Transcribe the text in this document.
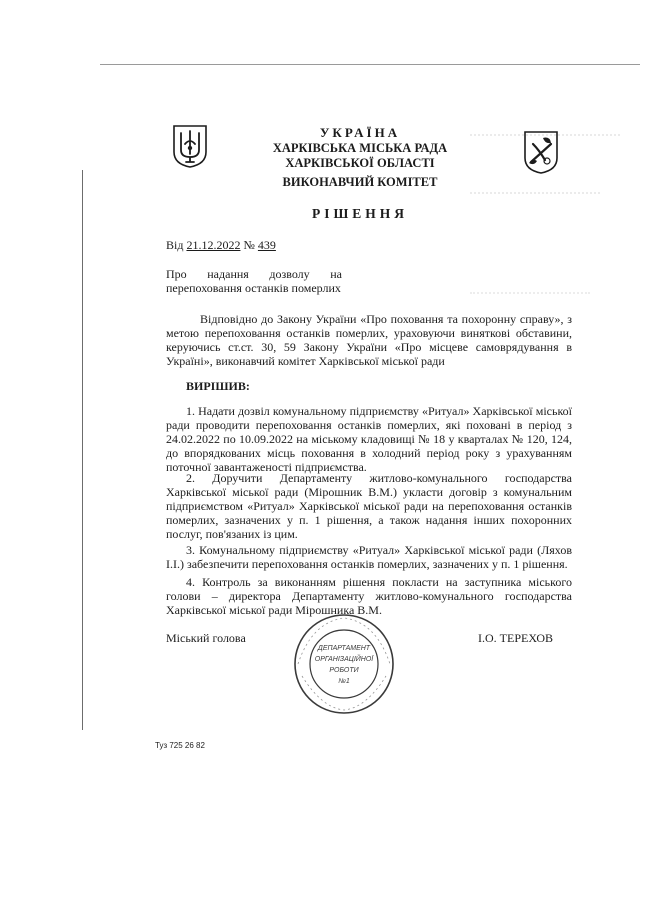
УКРАЇНА
ХАРКІВСЬКА МІСЬКА РАДА
ХАРКІВСЬКОЇ ОБЛАСТІ
ВИКОНАВЧИЙ КОМІТЕТ
РІШЕННЯ
Від 21.12.2022 № 439
Про надання дозволу на
перепоховання останків померлих
Відповідно до Закону України «Про поховання та похоронну справу», з метою перепоховання останків померлих, ураховуючи виняткові обставини, керуючись ст.ст. 30, 59 Закону України «Про місцеве самоврядування в Україні», виконавчий комітет Харківської міської ради
ВИРІШИВ:
1. Надати дозвіл комунальному підприємству «Ритуал» Харківської міської ради проводити перепоховання останків померлих, які поховані в період з 24.02.2022 по 10.09.2022 на міському кладовищі № 18 у кварталах № 120, 124, до впорядкованих місць поховання в холодний період року з урахуванням поточної завантаженості підприємства.
2. Доручити Департаменту житлово-комунального господарства Харківської міської ради (Мірошник В.М.) укласти договір з комунальним підприємством «Ритуал» Харківської міської ради на перепоховання останків померлих, зазначених у п. 1 рішення, а також надання інших похоронних послуг, пов'язаних із цим.
3. Комунальному підприємству «Ритуал» Харківської міської ради (Ляхов І.І.) забезпечити перепоховання останків померлих, зазначених у п. 1 рішення.
4. Контроль за виконанням рішення покласти на заступника міського голови – директора Департаменту житлово-комунального господарства Харківської міської ради Мірошника В.М.
Міський голова	І.О. ТЕРЕХОВ
ДЕПАРТАМЕНТ
ОРГАНІЗАЦІЙНОЇ
РОБОТИ
№1
Туз 725 26 82
